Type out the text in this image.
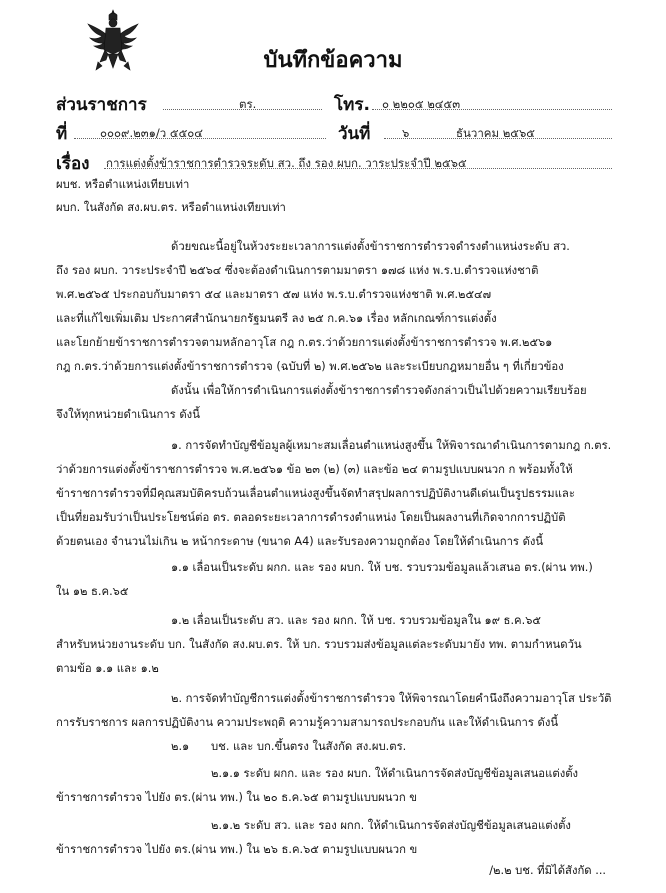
บันทึกข้อความ
ส่วนราชการ	ตร.	โทร. ๐ ๒๒๐๕ ๒๔๕๓
ที่	๐๐๐๙.๒๓๑/ว ๕๕๐๔	วันที่	๖	ธันวาคม ๒๕๖๕
เรื่อง การแต่งตั้งข้าราชการตำรวจระดับ สว. ถึง รอง ผบก. วาระประจำปี ๒๕๖๕
ผบช. หรือตำแหน่งเทียบเท่า
ผบก. ในสังกัด สง.ผบ.ตร. หรือตำแหน่งเทียบเท่า
ด้วยขณะนี้อยู่ในห้วงระยะเวลาการแต่งตั้งข้าราชการตำรวจดำรงตำแหน่งระดับ สว.
ถึง รอง ผบก. วาระประจำปี ๒๕๖๔ ซึ่งจะต้องดำเนินการตามมาตรา ๑๗๘ แห่ง พ.ร.บ.ตำรวจแห่งชาติ
พ.ศ.๒๕๖๕ ประกอบกับมาตรา ๕๔ และมาตรา ๕๗ แห่ง พ.ร.บ.ตำรวจแห่งชาติ พ.ศ.๒๕๔๗
และที่แก้ไขเพิ่มเติม ประกาศสำนักนายกรัฐมนตรี ลง ๒๕ ก.ค.๖๑ เรื่อง หลักเกณฑ์การแต่งตั้ง
และโยกย้ายข้าราชการตำรวจตามหลักอาวุโส กฎ ก.ตร.ว่าด้วยการแต่งตั้งข้าราชการตำรวจ พ.ศ.๒๕๖๑
กฎ ก.ตร.ว่าด้วยการแต่งตั้งข้าราชการตำรวจ (ฉบับที่ ๒) พ.ศ.๒๕๖๒ และระเบียบกฎหมายอื่น ๆ ที่เกี่ยวข้อง
ดังนั้น เพื่อให้การดำเนินการแต่งตั้งข้าราชการตำรวจดังกล่าวเป็นไปด้วยความเรียบร้อย
จึงให้ทุกหน่วยดำเนินการ ดังนี้
๑. การจัดทำบัญชีข้อมูลผู้เหมาะสมเลื่อนตำแหน่งสูงขึ้น ให้พิจารณาดำเนินการตามกฎ ก.ตร.
ว่าด้วยการแต่งตั้งข้าราชการตำรวจ พ.ศ.๒๕๖๑ ข้อ ๒๓ (๒) (๓) และข้อ ๒๔ ตามรูปแบบผนวก ก พร้อมทั้งให้
ข้าราชการตำรวจที่มีคุณสมบัติครบถ้วนเลื่อนตำแหน่งสูงขึ้นจัดทำสรุปผลการปฏิบัติงานดีเด่นเป็นรูปธรรมและ
เป็นที่ยอมรับว่าเป็นประโยชน์ต่อ ตร. ตลอดระยะเวลาการดำรงตำแหน่ง โดยเป็นผลงานที่เกิดจากการปฏิบัติ
ด้วยตนเอง จำนวนไม่เกิน ๒ หน้ากระดาษ (ขนาด A4) และรับรองความถูกต้อง โดยให้ดำเนินการ ดังนี้
๑.๑ เลื่อนเป็นระดับ ผกก. และ รอง ผบก. ให้ บช. รวบรวมข้อมูลแล้วเสนอ ตร.(ผ่าน ทพ.)
ใน ๑๒ ธ.ค.๖๕
๑.๒ เลื่อนเป็นระดับ สว. และ รอง ผกก. ให้ บช. รวบรวมข้อมูลใน ๑๙ ธ.ค.๖๕
สำหรับหน่วยงานระดับ บก. ในสังกัด สง.ผบ.ตร. ให้ บก. รวบรวมส่งข้อมูลแต่ละระดับมายัง ทพ. ตามกำหนดวัน
ตามข้อ ๑.๑ และ ๑.๒
๒. การจัดทำบัญชีการแต่งตั้งข้าราชการตำรวจ ให้พิจารณาโดยคำนึงถึงความอาวุโส ประวัติ
การรับราชการ ผลการปฏิบัติงาน ความประพฤติ ความรู้ความสามารถประกอบกัน และให้ดำเนินการ ดังนี้
๒.๑ บช. และ บก.ขึ้นตรง ในสังกัด สง.ผบ.ตร.
๒.๑.๑ ระดับ ผกก. และ รอง ผบก. ให้ดำเนินการจัดส่งบัญชีข้อมูลเสนอแต่งตั้ง
ข้าราชการตำรวจ ไปยัง ตร.(ผ่าน ทพ.) ใน ๒๐ ธ.ค.๖๕ ตามรูปแบบผนวก ข
๒.๑.๒ ระดับ สว. และ รอง ผกก. ให้ดำเนินการจัดส่งบัญชีข้อมูลเสนอแต่งตั้ง
ข้าราชการตำรวจ ไปยัง ตร.(ผ่าน ทพ.) ใน ๒๖ ธ.ค.๖๕ ตามรูปแบบผนวก ข
/๒.๒ บช. ที่มิได้สังกัด ...
